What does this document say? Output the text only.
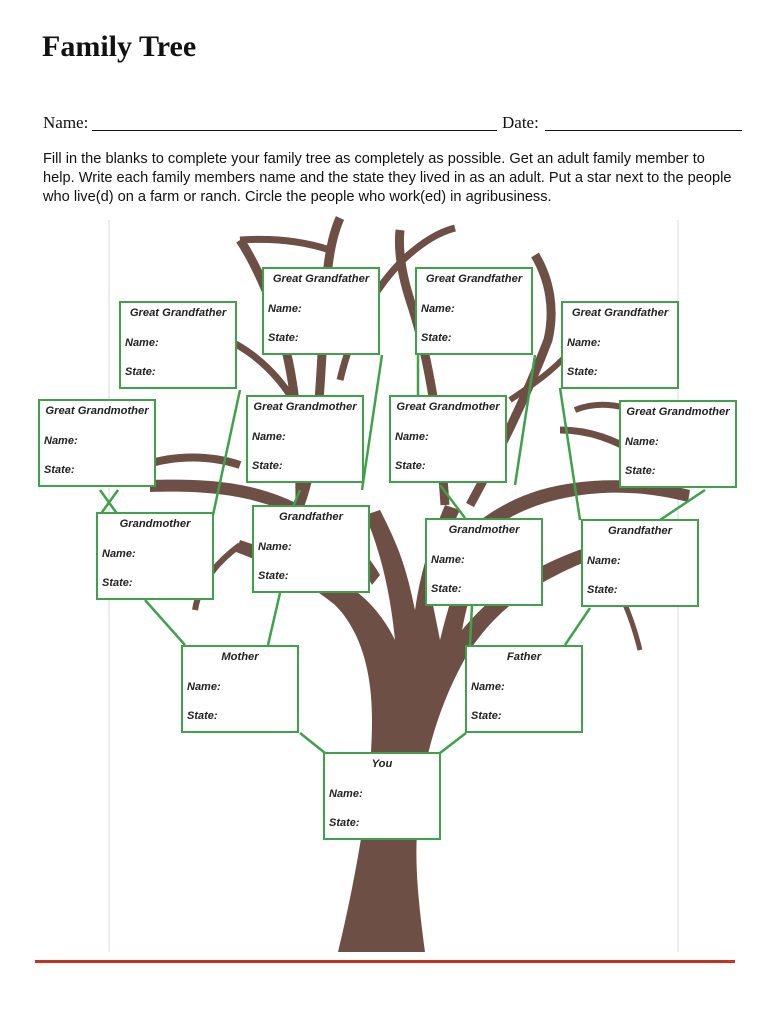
Family Tree
Name:	Date:
Fill in the blanks to complete your family tree as completely as possible. Get an adult family member to help. Write each family members name and the state they lived in as an adult. Put a star next to the people who live(d) on a farm or ranch. Circle the people who work(ed) in agribusiness.
Great Grandfather
Name:
State:
Great Grandfather
Name:
State:
Great Grandfather
Name:
State:
Great Grandfather
Name:
State:
Great Grandmother
Name:
State:
Great Grandmother
Name:
State:
Great Grandmother
Name:
State:
Great Grandmother
Name:
State:
Grandmother
Name:
State:
Grandfather
Name:
State:
Grandmother
Name:
State:
Grandfather
Name:
State:
Mother
Name:
State:
Father
Name:
State:
You
Name:
State:
